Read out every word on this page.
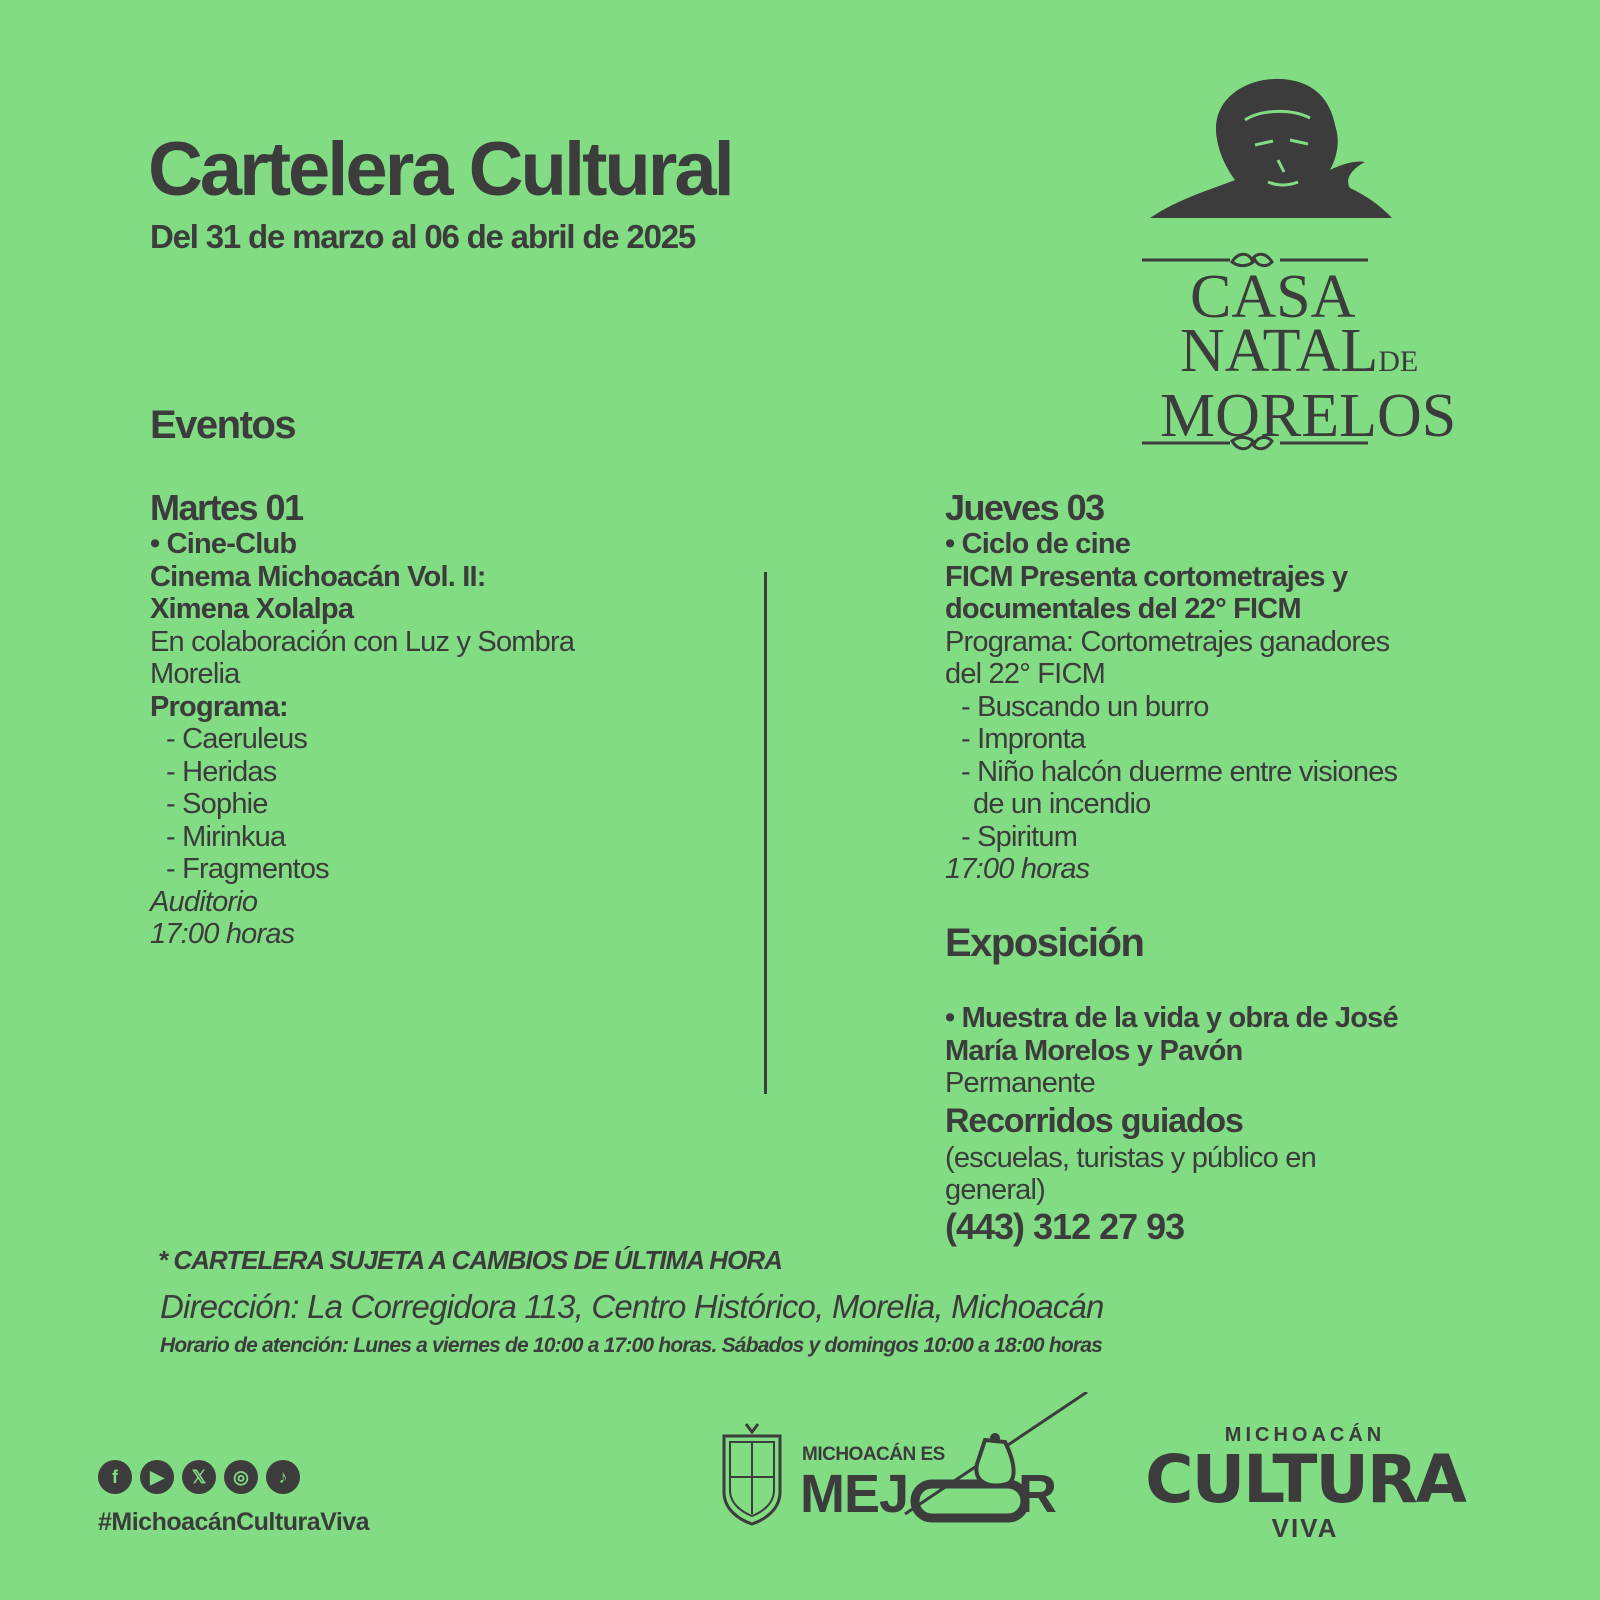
Cartelera Cultural
Del 31 de marzo al 06 de abril de 2025
CASA
NATALDE
MORELOS
Eventos
Martes 01
• Cine-Club
Cinema Michoacán Vol. II:
Ximena Xolalpa
En colaboración con Luz y Sombra
Morelia
Programa:
- Caeruleus
- Heridas
- Sophie
- Mirinkua
- Fragmentos
Auditorio
17:00 horas
Jueves 03
• Ciclo de cine
FICM Presenta cortometrajes y
documentales del 22° FICM
Programa: Cortometrajes ganadores
del 22° FICM
- Buscando un burro
- Impronta
- Niño halcón duerme entre visiones
de un incendio
- Spiritum
17:00 horas
Exposición
• Muestra de la vida y obra de José
María Morelos y Pavón
Permanente
Recorridos guiados
(escuelas, turistas y público en
general)
(443) 312 27 93
* CARTELERA SUJETA A CAMBIOS DE ÚLTIMA HORA
Dirección: La Corregidora 113, Centro Histórico, Morelia, Michoacán
Horario de atención: Lunes a viernes de 10:00 a 17:00 horas. Sábados y domingos 10:00 a 18:00 horas
f	▶	𝕏	◎	♪
#MichoacánCulturaViva
MICHOACÁN ES
MEJ R
MICHOACÁN
CULTURA
VIVA
